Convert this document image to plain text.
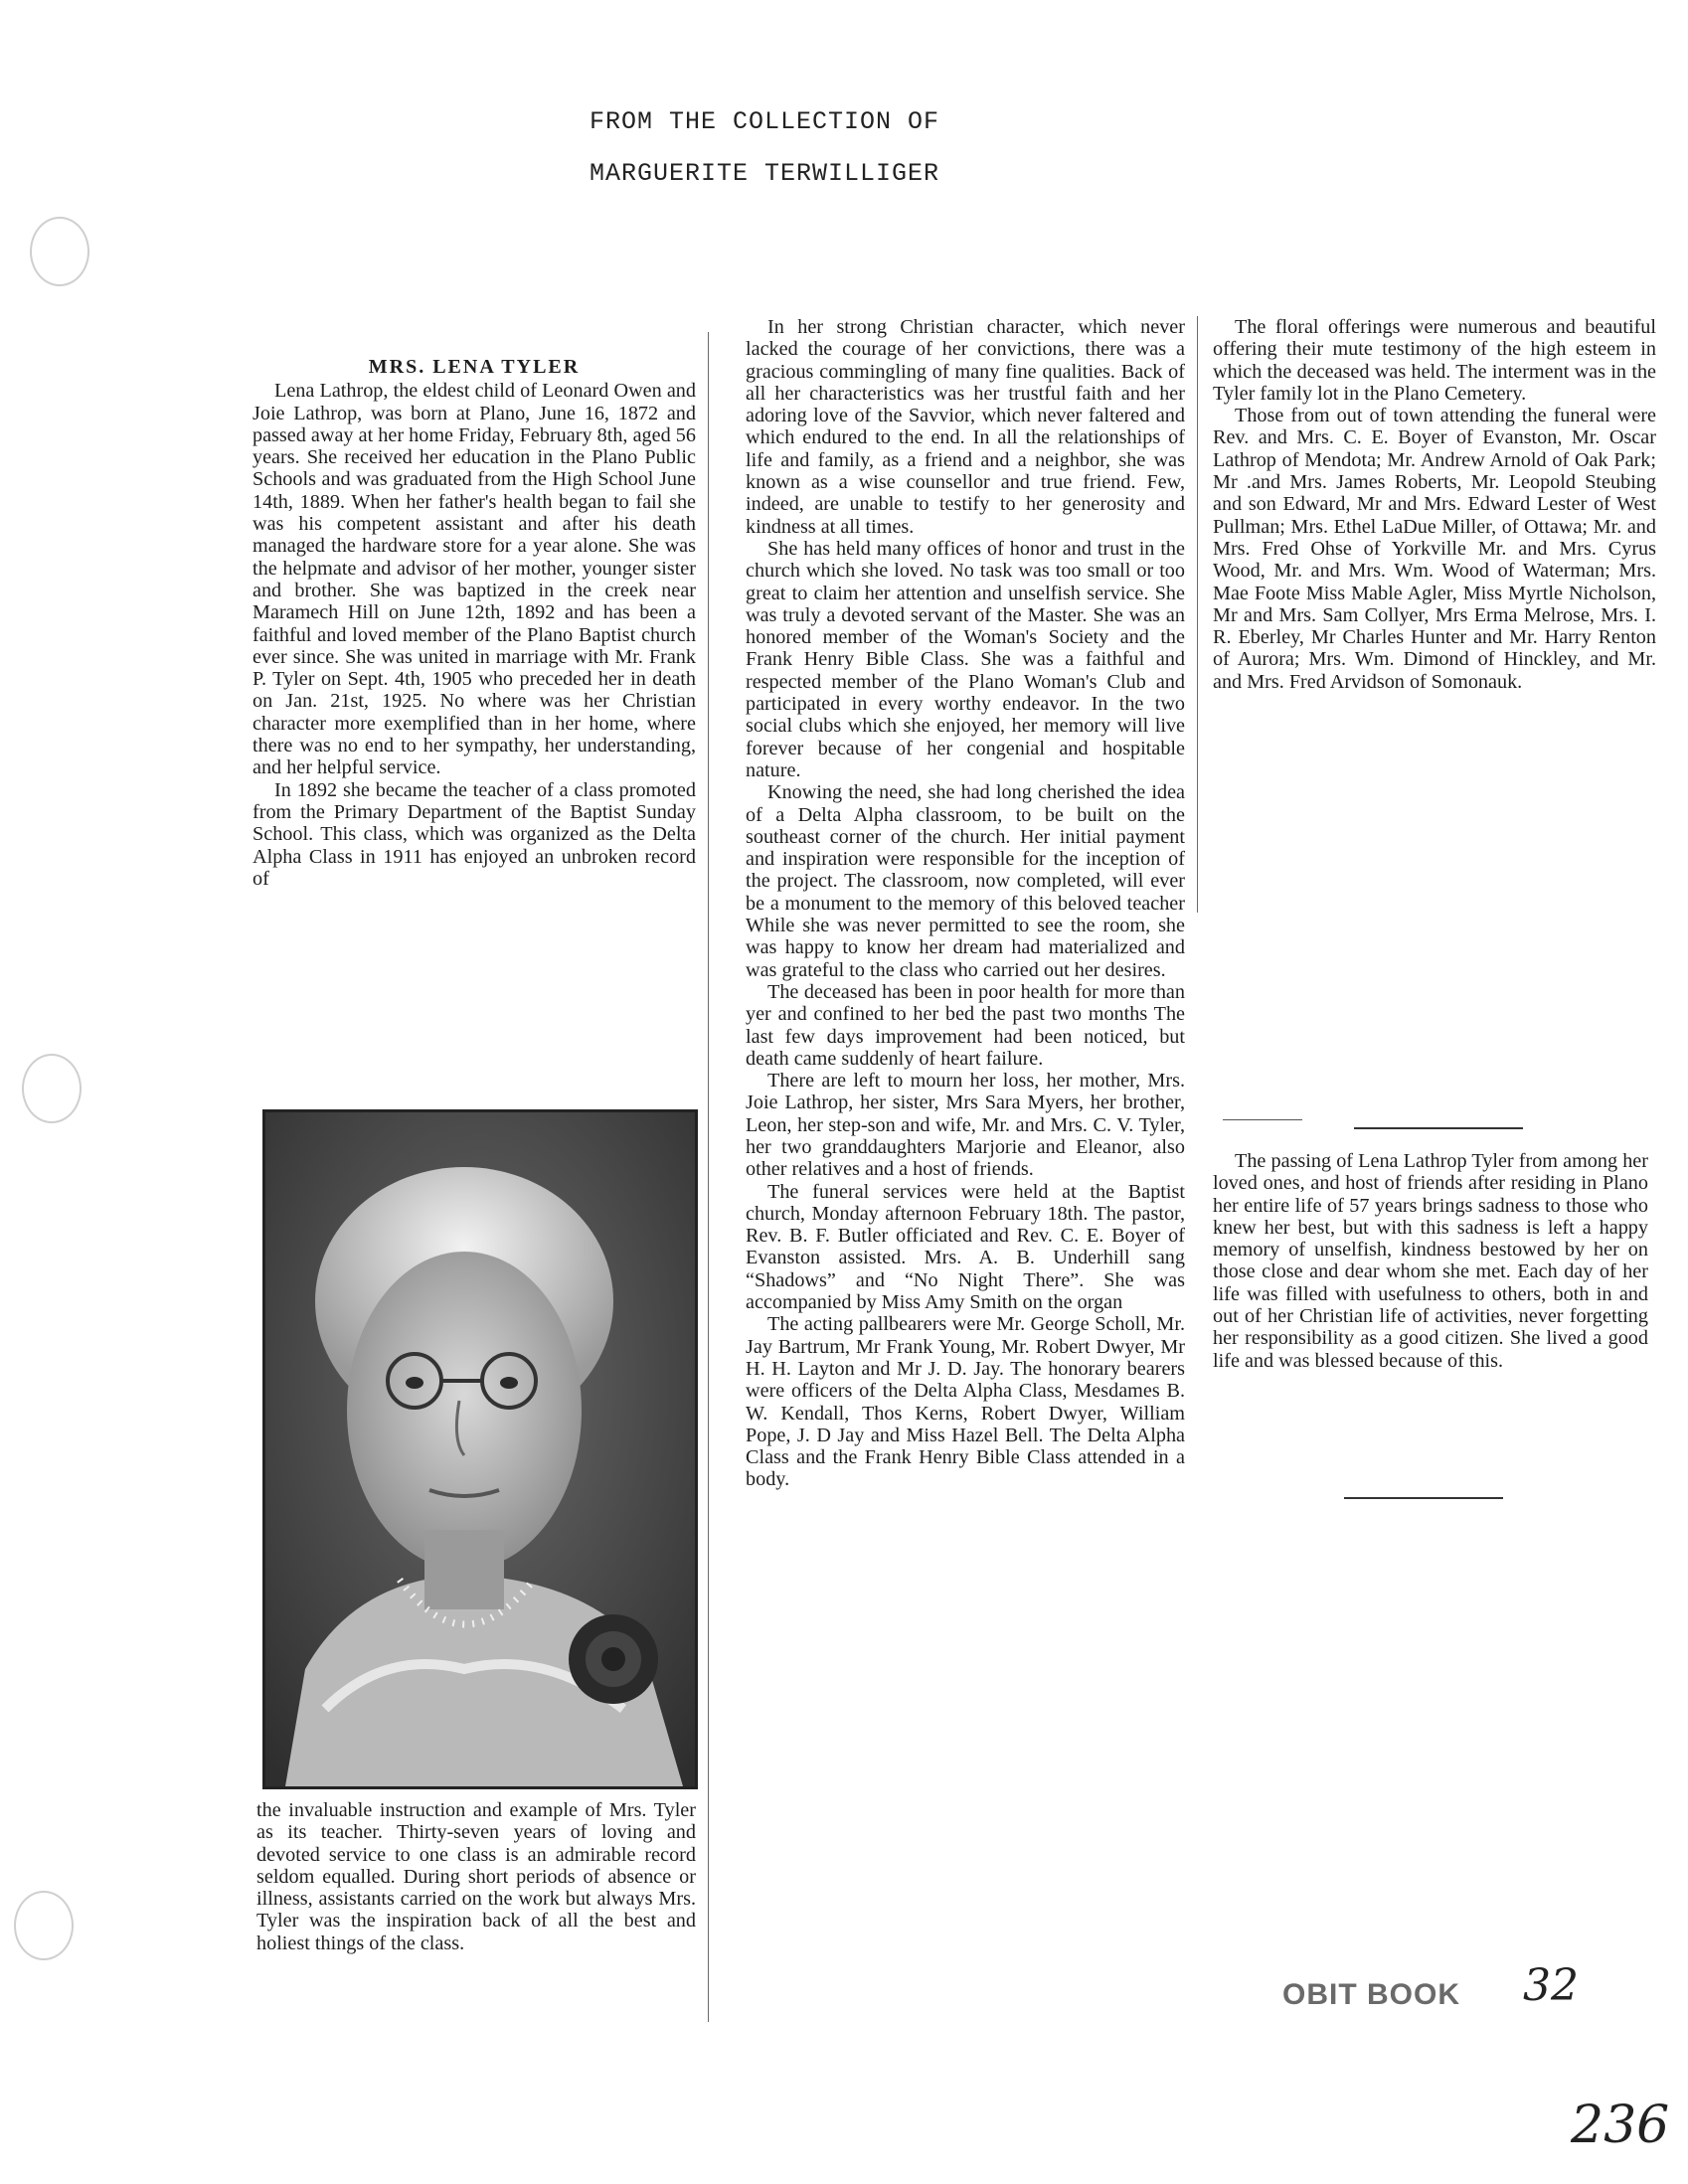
FROM THE COLLECTION OF
MARGUERITE TERWILLIGER
MRS. LENA TYLER

Lena Lathrop, the eldest child of Leonard Owen and Joie Lathrop, was born at Plano, June 16, 1872 and passed away at her home Friday, February 8th, aged 56 years. She received her education in the Plano Public Schools and was graduated from the High School June 14th, 1889. When her father's health began to fail she was his competent assistant and after his death managed the hardware store for a year alone. She was the helpmate and advisor of her mother, younger sister and brother. She was baptized in the creek near Maramech Hill on June 12th, 1892 and has been a faithful and loved member of the Plano Baptist church ever since. She was united in marriage with Mr. Frank P. Tyler on Sept. 4th, 1905 who preceded her in death on Jan. 21st, 1925. No where was her Christian character more exemplified than in her home, where there was no end to her sympathy, her understanding, and her helpful service.

In 1892 she became the teacher of a class promoted from the Primary Department of the Baptist Sunday School. This class, which was organized as the Delta Alpha Class in 1911 has enjoyed an unbroken record of

the invaluable instruction and example of Mrs. Tyler as its teacher. Thirty-seven years of loving and devoted service to one class is an admirable record seldom equalled. During short periods of absence or illness, assistants carried on the work but always Mrs. Tyler was the inspiration back of all the best and holiest things of the class.

In her strong Christian character, which never lacked the courage of her convictions, there was a gracious commingling of many fine qualities. Back of all her characteristics was her trustful faith and her adoring love of the Savvior, which never faltered and which endured to the end. In all the relationships of life and family, as a friend and a neighbor, she was known as a wise counsellor and true friend. Few, indeed, are unable to testify to her generosity and kindness at all times.

She has held many offices of honor and trust in the church which she loved. No task was too small or too great to claim her attention and unselfish service. She was truly a devoted servant of the Master. She was an honored member of the Woman's Society and the Frank Henry Bible Class. She was a faithful and respected member of the Plano Woman's Club and participated in every worthy endeavor. In the two social clubs which she enjoyed, her memory will live forever because of her congenial and hospitable nature.

Knowing the need, she had long cherished the idea of a Delta Alpha classroom, to be built on the southeast corner of the church. Her initial payment and inspiration were responsible for the inception of the project. The classroom, now completed, will ever be a monument to the memory of this beloved teacher While she was never permitted to see the room, she was happy to know her dream had materialized and was grateful to the class who carried out her desires.

The deceased has been in poor health for more than yer and confined to her bed the past two months The last few days improvement had been noticed, but death came suddenly of heart failure.

There are left to mourn her loss, her mother, Mrs. Joie Lathrop, her sister, Mrs Sara Myers, her brother, Leon, her step-son and wife, Mr. and Mrs. C. V. Tyler, her two granddaughters Marjorie and Eleanor, also other relatives and a host of friends.

The funeral services were held at the Baptist church, Monday afternoon February 18th. The pastor, Rev. B. F. Butler officiated and Rev. C. E. Boyer of Evanston assisted. Mrs. A. B. Underhill sang “Shadows” and “No Night There”. She was accompanied by Miss Amy Smith on the organ

The acting pallbearers were Mr. George Scholl, Mr. Jay Bartrum, Mr Frank Young, Mr. Robert Dwyer, Mr H. H. Layton and Mr J. D. Jay. The honorary bearers were officers of the Delta Alpha Class, Mesdames B. W. Kendall, Thos Kerns, Robert Dwyer, William Pope, J. D Jay and Miss Hazel Bell. The Delta Alpha Class and the Frank Henry Bible Class attended in a body.

The floral offerings were numerous and beautiful offering their mute testimony of the high esteem in which the deceased was held. The interment was in the Tyler family lot in the Plano Cemetery.

Those from out of town attending the funeral were Rev. and Mrs. C. E. Boyer of Evanston, Mr. Oscar Lathrop of Mendota; Mr. Andrew Arnold of Oak Park; Mr .and Mrs. James Roberts, Mr. Leopold Steubing and son Edward, Mr and Mrs. Edward Lester of West Pullman; Mrs. Ethel LaDue Miller, of Ottawa; Mr. and Mrs. Fred Ohse of Yorkville Mr. and Mrs. Cyrus Wood, Mr. and Mrs. Wm. Wood of Waterman; Mrs. Mae Foote Miss Mable Agler, Miss Myrtle Nicholson, Mr and Mrs. Sam Collyer, Mrs Erma Melrose, Mrs. I. R. Eberley, Mr Charles Hunter and Mr. Harry Renton of Aurora; Mrs. Wm. Dimond of Hinckley, and Mr. and Mrs. Fred Arvidson of Somonauk.

The passing of Lena Lathrop Tyler from among her loved ones, and host of friends after residing in Plano her entire life of 57 years brings sadness to those who knew her best, but with this sadness is left a happy memory of unselfish, kindness bestowed by her on those close and dear whom she met. Each day of her life was filled with usefulness to others, both in and out of her Christian life of activities, never forgetting her responsibility as a good citizen. She lived a good life and was blessed because of this.

OBIT BOOK 32
236
